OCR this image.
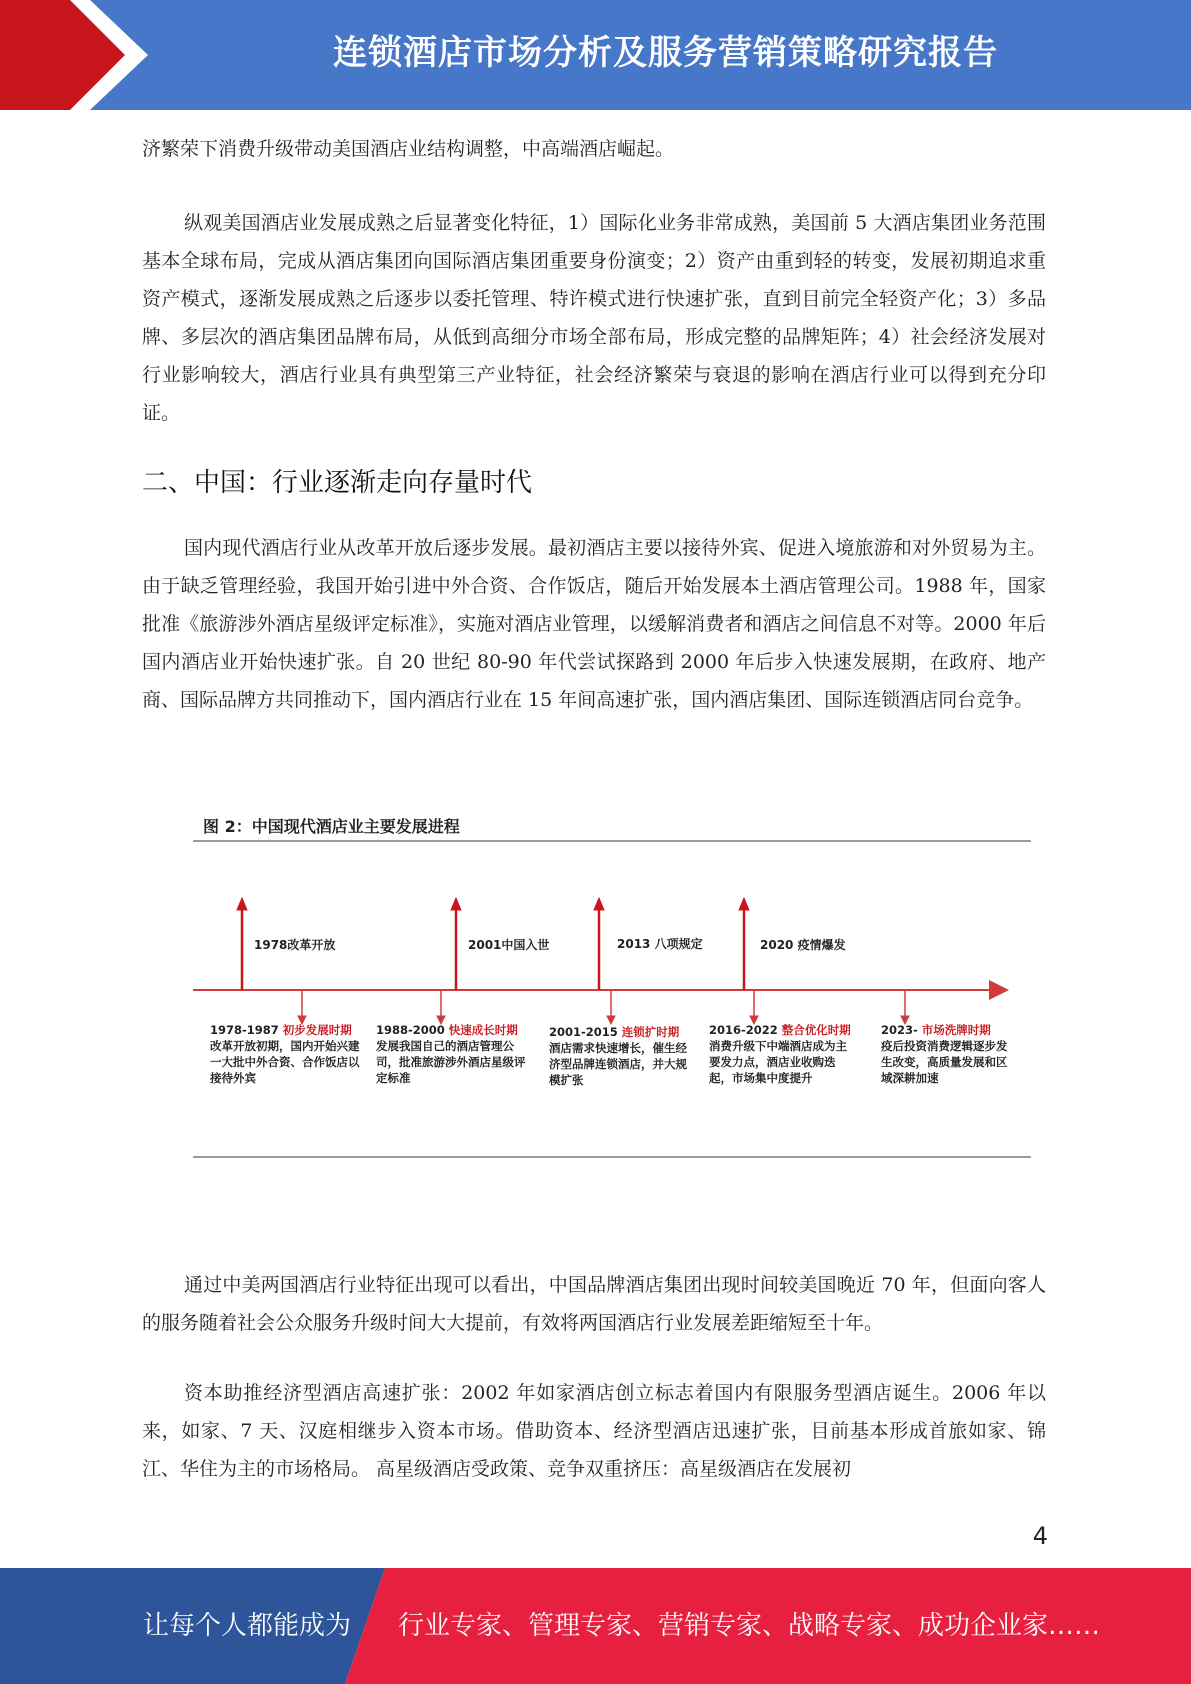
连锁酒店市场分析及服务营销策略研究报告

济繁荣下消费升级带动美国酒店业结构调整，中高端酒店崛起。

纵观美国酒店业发展成熟之后显著变化特征，1）国际化业务非常成熟，美国前 5 大酒店集团业务范围基本全球布局，完成从酒店集团向国际酒店集团重要身份演变；2）资产由重到轻的转变，发展初期追求重资产模式，逐渐发展成熟之后逐步以委托管理、特许模式进行快速扩张，直到目前完全轻资产化；3）多品牌、多层次的酒店集团品牌布局，从低到高细分市场全部布局，形成完整的品牌矩阵；4）社会经济发展对行业影响较大，酒店行业具有典型第三产业特征，社会经济繁荣与衰退的影响在酒店行业可以得到充分印证。

二、中国：行业逐渐走向存量时代

国内现代酒店行业从改革开放后逐步发展。最初酒店主要以接待外宾、促进入境旅游和对外贸易为主。由于缺乏管理经验，我国开始引进中外合资、合作饭店，随后开始发展本土酒店管理公司。1988 年，国家批准《旅游涉外酒店星级评定标准》，实施对酒店业管理，以缓解消费者和酒店之间信息不对等。2000 年后国内酒店业开始快速扩张。自 20 世纪 80-90 年代尝试探路到 2000 年后步入快速发展期，在政府、地产商、国际品牌方共同推动下，国内酒店行业在 15 年间高速扩张，国内酒店集团、国际连锁酒店同台竞争。

图 2：中国现代酒店业主要发展进程
1978改革开放	2001中国入世	2013 八项规定	2020 疫情爆发
1978-1987 初步发展时期
改革开放初期，国内开始兴建一大批中外合资、合作饭店以接待外宾
1988-2000 快速成长时期
发展我国自己的酒店管理公司，批准旅游涉外酒店星级评定标准
2001-2015 连锁扩时期
酒店需求快速增长，催生经济型品牌连锁酒店，并大规模扩张
2016-2022 整合优化时期
消费升级下中端酒店成为主要发力点，酒店业收购迭起，市场集中度提升
2023- 市场洗牌时期
疫后投资消费逻辑逐步发生改变，高质量发展和区域深耕加速

通过中美两国酒店行业特征出现可以看出，中国品牌酒店集团出现时间较美国晚近 70 年，但面向客人的服务随着社会公众服务升级时间大大提前，有效将两国酒店行业发展差距缩短至十年。

资本助推经济型酒店高速扩张：2002 年如家酒店创立标志着国内有限服务型酒店诞生。2006 年以来，如家、7 天、汉庭相继步入资本市场。借助资本、经济型酒店迅速扩张，目前基本形成首旅如家、锦江、华住为主的市场格局。 高星级酒店受政策、竞争双重挤压：高星级酒店在发展初

4
让每个人都能成为 行业专家、管理专家、营销专家、战略专家、成功企业家……
